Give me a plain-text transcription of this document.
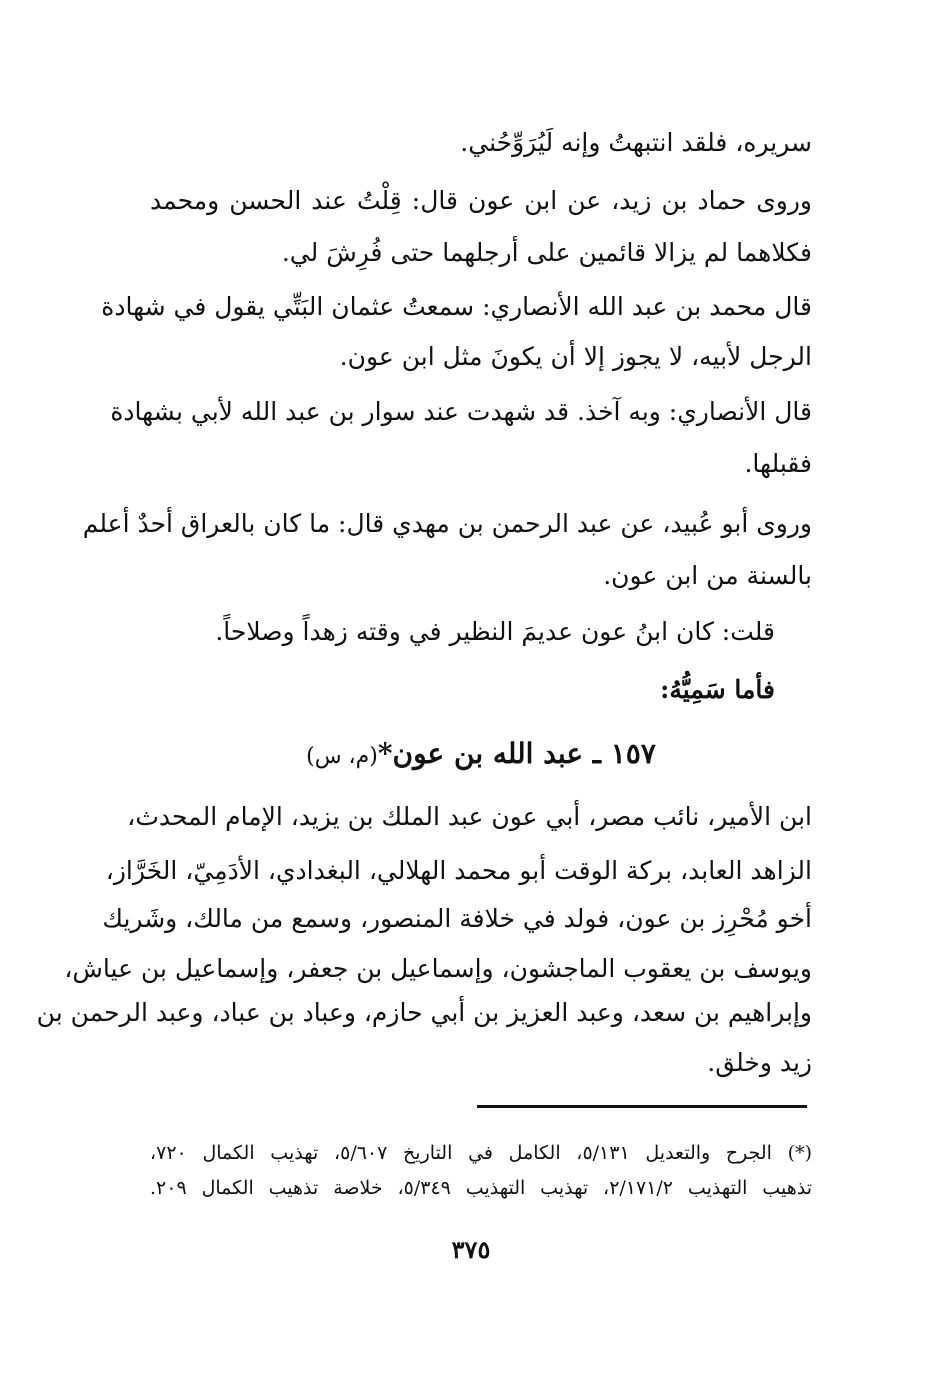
سريره، فلقد انتبهتُ وإنه لَيُرَوِّحُني.
وروى حماد بن زيد، عن ابن عون قال: قِلْتُ عند الحسن ومحمد
فكلاهما لم يزالا قائمين على أرجلهما حتى فُرِشَ لي.
قال محمد بن عبد الله الأنصاري: سمعتُ عثمان البَتِّي يقول في شهادة
الرجل لأبيه، لا يجوز إلا أن يكونَ مثل ابن عون.
قال الأنصاري: وبه آخذ. قد شهدت عند سوار بن عبد الله لأبي بشهادة
فقبلها.
وروى أبو عُبيد، عن عبد الرحمن بن مهدي قال: ما كان بالعراق أحدٌ أعلم
بالسنة من ابن عون.
قلت: كان ابنُ عون عديمَ النظير في وقته زهداً وصلاحاً.
فأما سَمِيُّهُ:
١٥٧ ـ عبد الله بن عون*(م، س)
ابن الأمير، نائب مصر، أبي عون عبد الملك بن يزيد، الإمام المحدث،
الزاهد العابد، بركة الوقت أبو محمد الهلالي، البغدادي، الأدَمِيّ، الخَرَّاز،
أخو مُحْرِز بن عون، فولد في خلافة المنصور، وسمع من مالك، وشَريك
ويوسف بن يعقوب الماجشون، وإسماعيل بن جعفر، وإسماعيل بن عياش،
وإبراهيم بن سعد، وعبد العزيز بن أبي حازم، وعباد بن عباد، وعبد الرحمن بن
زيد وخلق.
(*) الجرح والتعديل ٥/١٣١، الكامل في التاريخ ٥/٦٠٧، تهذيب الكمال ٧٢٠،
تذهيب التهذيب ٢/١٧١/٢، تهذيب التهذيب ٥/٣٤٩، خلاصة تذهيب الكمال ٢٠٩.
٣٧٥
